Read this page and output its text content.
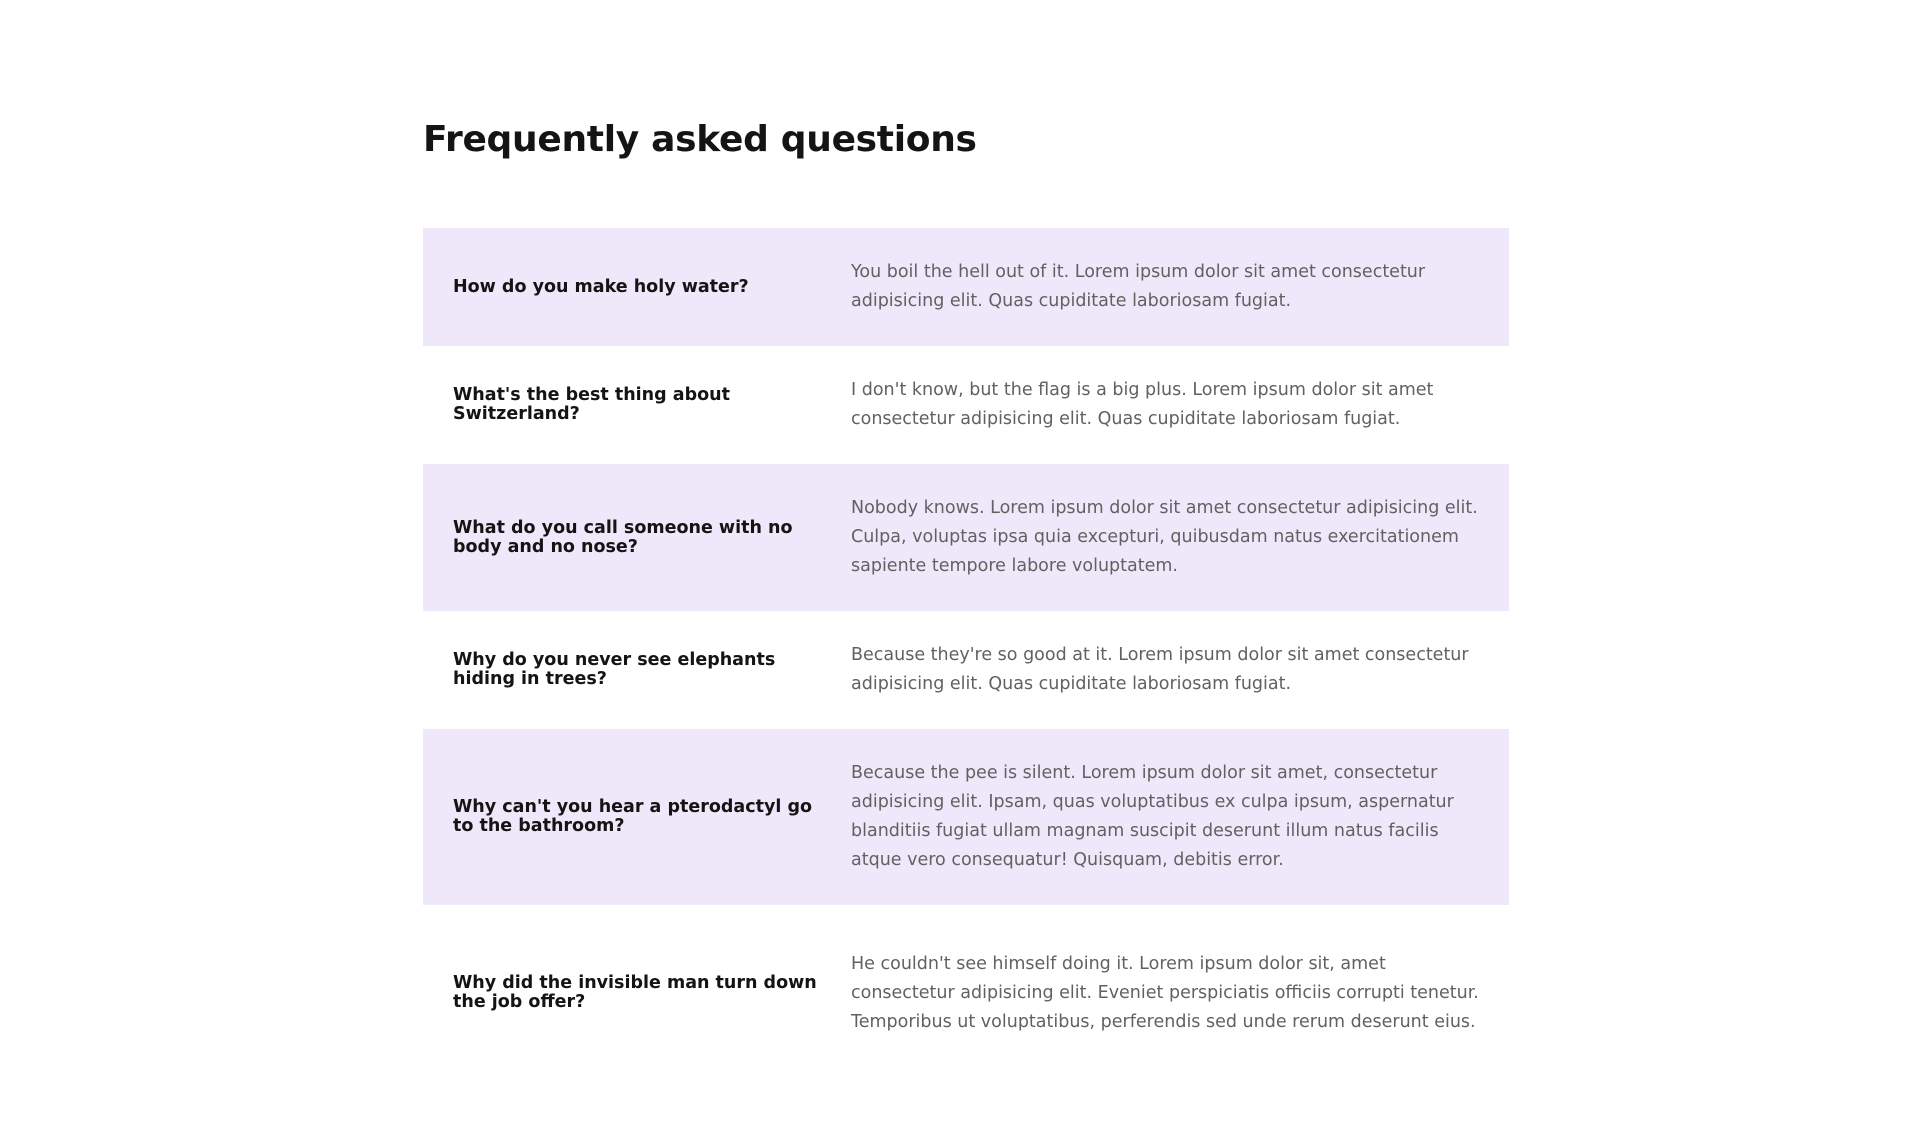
Frequently asked questions
How do you make holy water?
You boil the hell out of it. Lorem ipsum dolor sit amet consectetur adipisicing elit. Quas cupiditate laboriosam fugiat.
What's the best thing about Switzerland?
I don't know, but the flag is a big plus. Lorem ipsum dolor sit amet consectetur adipisicing elit. Quas cupiditate laboriosam fugiat.
What do you call someone with no body and no nose?
Nobody knows. Lorem ipsum dolor sit amet consectetur adipisicing elit. Culpa, voluptas ipsa quia excepturi, quibusdam natus exercitationem sapiente tempore labore voluptatem.
Why do you never see elephants hiding in trees?
Because they're so good at it. Lorem ipsum dolor sit amet consectetur adipisicing elit. Quas cupiditate laboriosam fugiat.
Why can't you hear a pterodactyl go to the bathroom?
Because the pee is silent. Lorem ipsum dolor sit amet, consectetur adipisicing elit. Ipsam, quas voluptatibus ex culpa ipsum, aspernatur blanditiis fugiat ullam magnam suscipit deserunt illum natus facilis atque vero consequatur! Quisquam, debitis error.
Why did the invisible man turn down the job offer?
He couldn't see himself doing it. Lorem ipsum dolor sit, amet consectetur adipisicing elit. Eveniet perspiciatis officiis corrupti tenetur. Temporibus ut voluptatibus, perferendis sed unde rerum deserunt eius.
